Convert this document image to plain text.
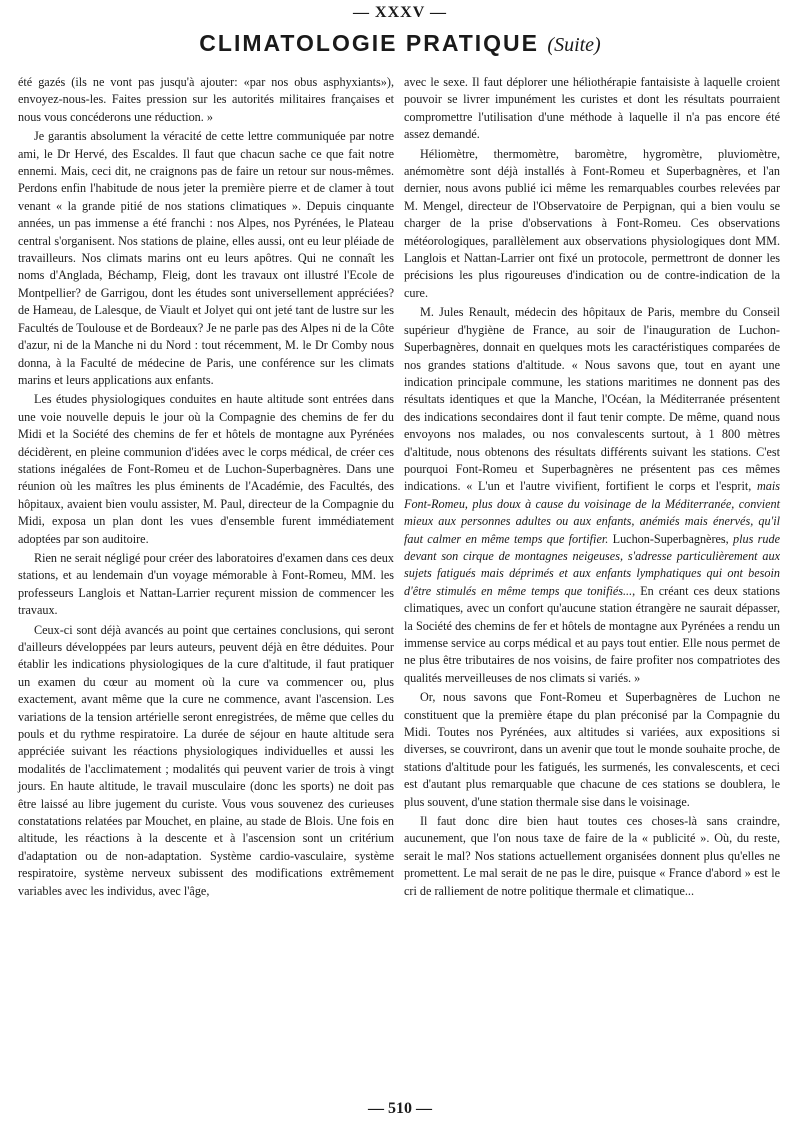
— XXXV —
CLIMATOLOGIE PRATIQUE (Suite)

été gazés (ils ne vont pas jusqu'à ajouter: «par nos obus asphyxiants»), envoyez-nous-les. Faites pression sur les autorités militaires françaises et nous vous concéderons une réduction. »

Je garantis absolument la véracité de cette lettre communiquée par notre ami, le Dr Hervé, des Escaldes. Il faut que chacun sache ce que fait notre ennemi. Mais, ceci dit, ne craignons pas de faire un retour sur nous-mêmes. Perdons enfin l'habitude de nous jeter la première pierre et de clamer à tout venant « la grande pitié de nos stations climatiques ». Depuis cinquante années, un pas immense a été franchi : nos Alpes, nos Pyrénées, le Plateau central s'organisent. Nos stations de plaine, elles aussi, ont eu leur pléiade de travailleurs. Nos climats marins ont eu leurs apôtres. Qui ne connaît les noms d'Anglada, Béchamp, Fleig, dont les travaux ont illustré l'Ecole de Montpellier? de Garrigou, dont les études sont universellement appréciées? de Hameau, de Lalesque, de Viault et Jolyet qui ont jeté tant de lustre sur les Facultés de Toulouse et de Bordeaux? Je ne parle pas des Alpes ni de la Côte d'azur, ni de la Manche ni du Nord : tout récemment, M. le Dr Comby nous donna, à la Faculté de médecine de Paris, une conférence sur les climats marins et leurs applications aux enfants.

Les études physiologiques conduites en haute altitude sont entrées dans une voie nouvelle depuis le jour où la Compagnie des chemins de fer du Midi et la Société des chemins de fer et hôtels de montagne aux Pyrénées décidèrent, en pleine communion d'idées avec le corps médical, de créer ces stations inégalées de Font-Romeu et de Luchon-Superbagnères. Dans une réunion où les maîtres les plus éminents de l'Académie, des Facultés, des hôpitaux, avaient bien voulu assister, M. Paul, directeur de la Compagnie du Midi, exposa un plan dont les vues d'ensemble furent immédiatement adoptées par son auditoire.

Rien ne serait négligé pour créer des laboratoires d'examen dans ces deux stations, et au lendemain d'un voyage mémorable à Font-Romeu, MM. les professeurs Langlois et Nattan-Larrier reçurent mission de commencer les travaux.

Ceux-ci sont déjà avancés au point que certaines conclusions, qui seront d'ailleurs développées par leurs auteurs, peuvent déjà en être déduites. Pour établir les indications physiologiques de la cure d'altitude, il faut pratiquer un examen du cœur au moment où la cure va commencer ou, plus exactement, avant même que la cure ne commence, avant l'ascension. Les variations de la tension artérielle seront enregistrées, de même que celles du pouls et du rythme respiratoire. La durée de séjour en haute altitude sera appréciée suivant les réactions physiologiques individuelles et aussi les modalités de l'acclimatement ; modalités qui peuvent varier de trois à vingt jours. En haute altitude, le travail musculaire (donc les sports) ne doit pas être laissé au libre jugement du curiste. Vous vous souvenez des curieuses constatations relatées par Mouchet, en plaine, au stade de Blois. Une fois en altitude, les réactions à la descente et à l'ascension sont un critérium d'adaptation ou de non-adaptation. Système cardio-vasculaire, système respiratoire, système nerveux subissent des modifications extrêmement variables avec les individus, avec l'âge,

avec le sexe. Il faut déplorer une héliothérapie fantaisiste à laquelle croient pouvoir se livrer impunément les curistes et dont les résultats pourraient compromettre l'utilisation d'une méthode à laquelle il n'a pas encore été assez demandé.

Héliomètre, thermomètre, baromètre, hygromètre, pluviomètre, anémomètre sont déjà installés à Font-Romeu et Superbagnères, et l'an dernier, nous avons publié ici même les remarquables courbes relevées par M. Mengel, directeur de l'Observatoire de Perpignan, qui a bien voulu se charger de la prise d'observations à Font-Romeu. Ces observations météorologiques, parallèlement aux observations physiologiques dont MM. Langlois et Nattan-Larrier ont fixé un protocole, permettront de donner les précisions les plus rigoureuses d'indication ou de contre-indication de la cure.

M. Jules Renault, médecin des hôpitaux de Paris, membre du Conseil supérieur d'hygiène de France, au soir de l'inauguration de Luchon-Superbagnères, donnait en quelques mots les caractéristiques comparées de nos grandes stations d'altitude. « Nous savons que, tout en ayant une indication principale commune, les stations maritimes ne donnent pas des résultats identiques et que la Manche, l'Océan, la Méditerranée présentent des indications secondaires dont il faut tenir compte. De même, quand nous envoyons nos malades, ou nos convalescents surtout, à 1 800 mètres d'altitude, nous obtenons des résultats différents suivant les stations. C'est pourquoi Font-Romeu et Superbagnères ne présentent pas ces mêmes indications. « L'un et l'autre vivifient, fortifient le corps et l'esprit, mais Font-Romeu, plus doux à cause du voisinage de la Méditerranée, convient mieux aux personnes adultes ou aux enfants, anémiés mais énervés, qu'il faut calmer en même temps que fortifier. Luchon-Superbagnères, plus rude devant son cirque de montagnes neigeuses, s'adresse particulièrement aux sujets fatigués mais déprimés et aux enfants lymphatiques qui ont besoin d'être stimulés en même temps que tonifiés..., En créant ces deux stations climatiques, avec un confort qu'aucune station étrangère ne saurait dépasser, la Société des chemins de fer et hôtels de montagne aux Pyrénées a rendu un immense service au corps médical et au pays tout entier. Elle nous permet de ne plus être tributaires de nos voisins, de faire profiter nos compatriotes des qualités merveilleuses de nos climats si variés. »

Or, nous savons que Font-Romeu et Superbagnères de Luchon ne constituent que la première étape du plan préconisé par la Compagnie du Midi. Toutes nos Pyrénées, aux altitudes si variées, aux expositions si diverses, se couvriront, dans un avenir que tout le monde souhaite proche, de stations d'altitude pour les fatigués, les surmenés, les convalescents, et ceci est d'autant plus remarquable que chacune de ces stations se doublera, le plus souvent, d'une station thermale sise dans le voisinage.

Il faut donc dire bien haut toutes ces choses-là sans craindre, aucunement, que l'on nous taxe de faire de la « publicité ». Où, du reste, serait le mal? Nos stations actuellement organisées donnent plus qu'elles ne promettent. Le mal serait de ne pas le dire, puisque « France d'abord » est le cri de ralliement de notre politique thermale et climatique...

— 510 —
